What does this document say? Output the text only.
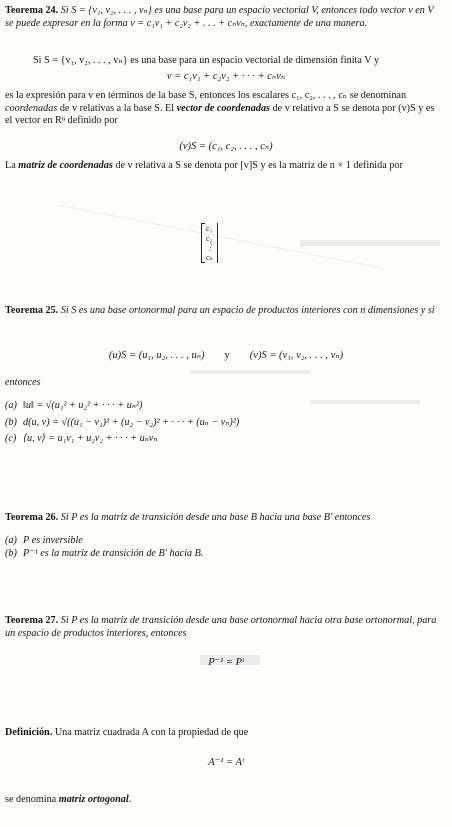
Teorema 24. Si S = {v₁, v₂, . . . , vₙ} es una base para un espacio vectorial V, entonces todo vector v en V se puede expresar en la forma v = c₁v₁ + c₂v₂ + . . . + cₙvₙ, exactamente de una manera.
Si S = {v₁, v₂, . . . , vₙ} es una base para un espacio vectorial de dimensión finita V y
v = c₁v₁ + c₂v₂ + · · · + cₙvₙ
es la expresión para v en términos de la base S, entonces los escalares c₁, c₂, . . . , cₙ se denominan coordenadas de v relativas a la base S. El vector de coordenadas de v relativo a S se denota por (v)S y es el vector en Rⁿ definido por
(v)S = (c₁, c₂, . . . , cₙ)
La matriz de coordenadas de v relativa a S se denota por [v]S y es la matriz de n × 1 definida por
c₁
c₂
⋮
cₙ
Teorema 25. Si S es una base ortonormal para un espacio de productos interiores con n dimensiones y si
(u)S = (u₁, u₂, . . . , uₙ) y (v)S = (v₁, v₂, . . . , vₙ)
entonces
(a) ‖u‖ = √(u₁² + u₂² + · · · + uₙ²)
(b) d(u, v) = √((u₁ − v₁)² + (u₂ − v₂)² + · · · + (uₙ − vₙ)²)
(c) ⟨u, v⟩ = u₁v₁ + u₂v₂ + · · · + uₙvₙ
Teorema 26. Si P es la matriz de transición desde una base B hacia una base B′ entonces
(a) P es inversible
(b) P⁻¹ es la matriz de transición de B′ hacia B.
Teorema 27. Si P es la matriz de transición desde una base ortonormal hacia otra base ortonormal, para un espacio de productos interiores, entonces
P⁻¹ = Pᵗ
Definición. Una matriz cuadrada A con la propiedad de que
A⁻¹ = Aᵗ
se denomina matriz ortogonal.
